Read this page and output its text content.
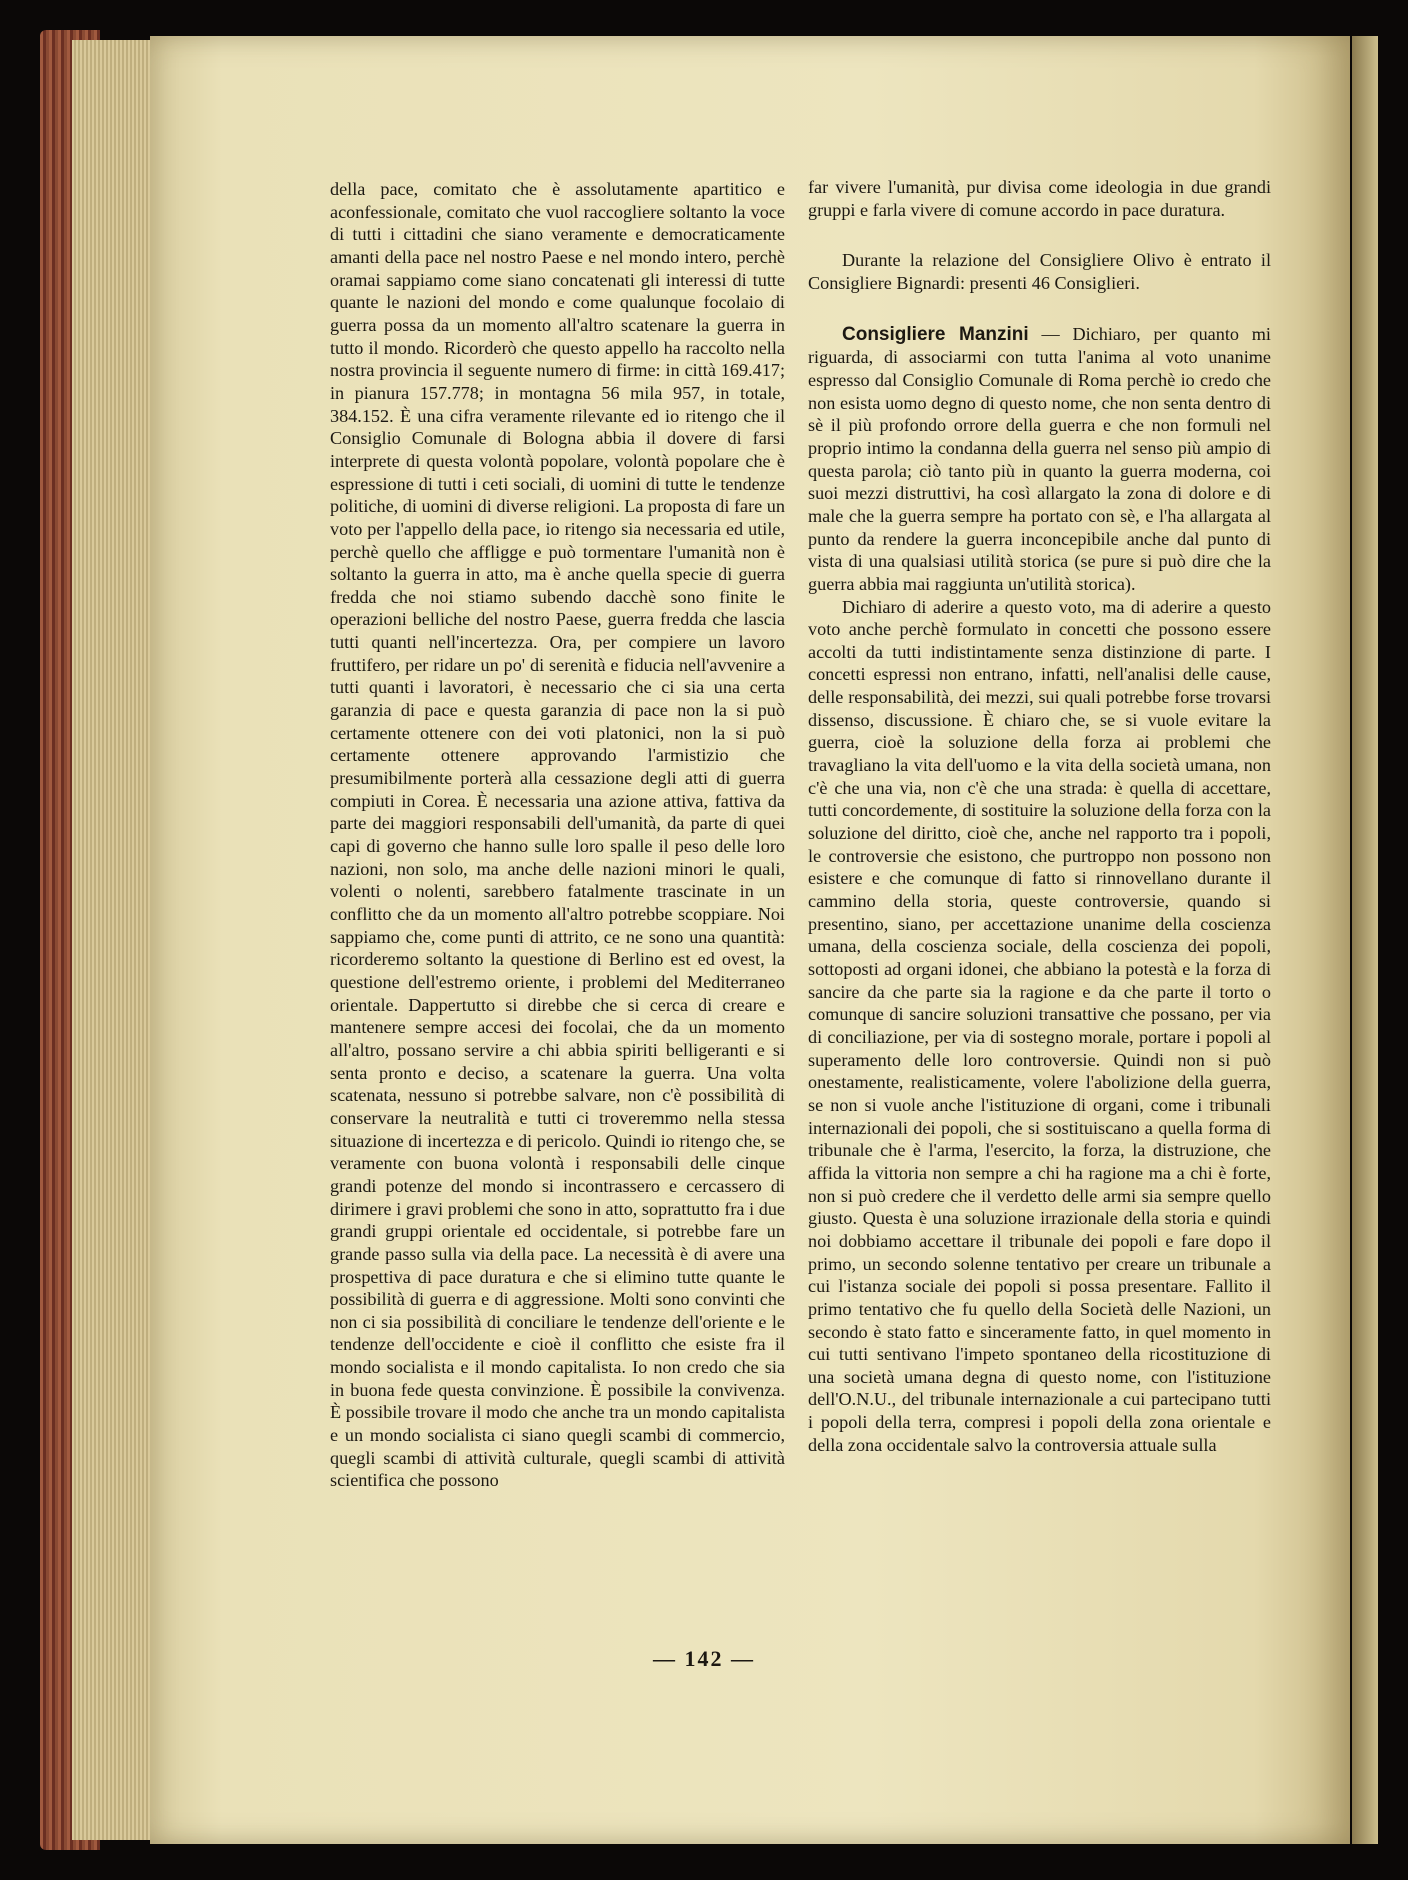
della pace, comitato che è assolutamente apartitico e aconfessionale, comitato che vuol raccogliere soltanto la voce di tutti i cittadini che siano veramente e democraticamente amanti della pace nel nostro Paese e nel mondo intero, perchè oramai sappiamo come siano concatenati gli interessi di tutte quante le nazioni del mondo e come qualunque focolaio di guerra possa da un momento all'altro scatenare la guerra in tutto il mondo. Ricorderò che questo appello ha raccolto nella nostra provincia il seguente numero di firme: in città 169.417; in pianura 157.778; in montagna 56 mila 957, in totale, 384.152. È una cifra veramente rilevante ed io ritengo che il Consiglio Comunale di Bologna abbia il dovere di farsi interprete di questa volontà popolare, volontà popolare che è espressione di tutti i ceti sociali, di uomini di tutte le tendenze politiche, di uomini di diverse religioni. La proposta di fare un voto per l'appello della pace, io ritengo sia necessaria ed utile, perchè quello che affligge e può tormentare l'umanità non è soltanto la guerra in atto, ma è anche quella specie di guerra fredda che noi stiamo subendo dacchè sono finite le operazioni belliche del nostro Paese, guerra fredda che lascia tutti quanti nell'incertezza. Ora, per compiere un lavoro fruttifero, per ridare un po' di serenità e fiducia nell'avvenire a tutti quanti i lavoratori, è necessario che ci sia una certa garanzia di pace e questa garanzia di pace non la si può certamente ottenere con dei voti platonici, non la si può certamente ottenere approvando l'armistizio che presumibilmente porterà alla cessazione degli atti di guerra compiuti in Corea. È necessaria una azione attiva, fattiva da parte dei maggiori responsabili dell'umanità, da parte di quei capi di governo che hanno sulle loro spalle il peso delle loro nazioni, non solo, ma anche delle nazioni minori le quali, volenti o nolenti, sarebbero fatalmente trascinate in un conflitto che da un momento all'altro potrebbe scoppiare. Noi sappiamo che, come punti di attrito, ce ne sono una quantità: ricorderemo soltanto la questione di Berlino est ed ovest, la questione dell'estremo oriente, i problemi del Mediterraneo orientale. Dappertutto si direbbe che si cerca di creare e mantenere sempre accesi dei focolai, che da un momento all'altro, possano servire a chi abbia spiriti belligeranti e si senta pronto e deciso, a scatenare la guerra. Una volta scatenata, nessuno si potrebbe salvare, non c'è possibilità di conservare la neutralità e tutti ci troveremmo nella stessa situazione di incertezza e di pericolo. Quindi io ritengo che, se veramente con buona volontà i responsabili delle cinque grandi potenze del mondo si incontrassero e cercassero di dirimere i gravi problemi che sono in atto, soprattutto fra i due grandi gruppi orientale ed occidentale, si potrebbe fare un grande passo sulla via della pace. La necessità è di avere una prospettiva di pace duratura e che si elimino tutte quante le possibilità di guerra e di aggressione. Molti sono convinti che non ci sia possibilità di conciliare le tendenze dell'oriente e le tendenze dell'occidente e cioè il conflitto che esiste fra il mondo socialista e il mondo capitalista. Io non credo che sia in buona fede questa convinzione. È possibile la convivenza. È possibile trovare il modo che anche tra un mondo capitalista e un mondo socialista ci siano quegli scambi di commercio, quegli scambi di attività culturale, quegli scambi di attività scientifica che possono

far vivere l'umanità, pur divisa come ideologia in due grandi gruppi e farla vivere di comune accordo in pace duratura.

Durante la relazione del Consigliere Olivo è entrato il Consigliere Bignardi: presenti 46 Consiglieri.

Consigliere Manzini — Dichiaro, per quanto mi riguarda, di associarmi con tutta l'anima al voto unanime espresso dal Consiglio Comunale di Roma perchè io credo che non esista uomo degno di questo nome, che non senta dentro di sè il più profondo orrore della guerra e che non formuli nel proprio intimo la condanna della guerra nel senso più ampio di questa parola; ciò tanto più in quanto la guerra moderna, coi suoi mezzi distruttivi, ha così allargato la zona di dolore e di male che la guerra sempre ha portato con sè, e l'ha allargata al punto da rendere la guerra inconcepibile anche dal punto di vista di una qualsiasi utilità storica (se pure si può dire che la guerra abbia mai raggiunta un'utilità storica).

Dichiaro di aderire a questo voto, ma di aderire a questo voto anche perchè formulato in concetti che possono essere accolti da tutti indistintamente senza distinzione di parte. I concetti espressi non entrano, infatti, nell'analisi delle cause, delle responsabilità, dei mezzi, sui quali potrebbe forse trovarsi dissenso, discussione. È chiaro che, se si vuole evitare la guerra, cioè la soluzione della forza ai problemi che travagliano la vita dell'uomo e la vita della società umana, non c'è che una via, non c'è che una strada: è quella di accettare, tutti concordemente, di sostituire la soluzione della forza con la soluzione del diritto, cioè che, anche nel rapporto tra i popoli, le controversie che esistono, che purtroppo non possono non esistere e che comunque di fatto si rinnovellano durante il cammino della storia, queste controversie, quando si presentino, siano, per accettazione unanime della coscienza umana, della coscienza sociale, della coscienza dei popoli, sottoposti ad organi idonei, che abbiano la potestà e la forza di sancire da che parte sia la ragione e da che parte il torto o comunque di sancire soluzioni transattive che possano, per via di conciliazione, per via di sostegno morale, portare i popoli al superamento delle loro controversie. Quindi non si può onestamente, realisticamente, volere l'abolizione della guerra, se non si vuole anche l'istituzione di organi, come i tribunali internazionali dei popoli, che si sostituiscano a quella forma di tribunale che è l'arma, l'esercito, la forza, la distruzione, che affida la vittoria non sempre a chi ha ragione ma a chi è forte, non si può credere che il verdetto delle armi sia sempre quello giusto. Questa è una soluzione irrazionale della storia e quindi noi dobbiamo accettare il tribunale dei popoli e fare dopo il primo, un secondo solenne tentativo per creare un tribunale a cui l'istanza sociale dei popoli si possa presentare. Fallito il primo tentativo che fu quello della Società delle Nazioni, un secondo è stato fatto e sinceramente fatto, in quel momento in cui tutti sentivano l'impeto spontaneo della ricostituzione di una società umana degna di questo nome, con l'istituzione dell'O.N.U., del tribunale internazionale a cui partecipano tutti i popoli della terra, compresi i popoli della zona orientale e della zona occidentale salvo la controversia attuale sulla

— 142 —
